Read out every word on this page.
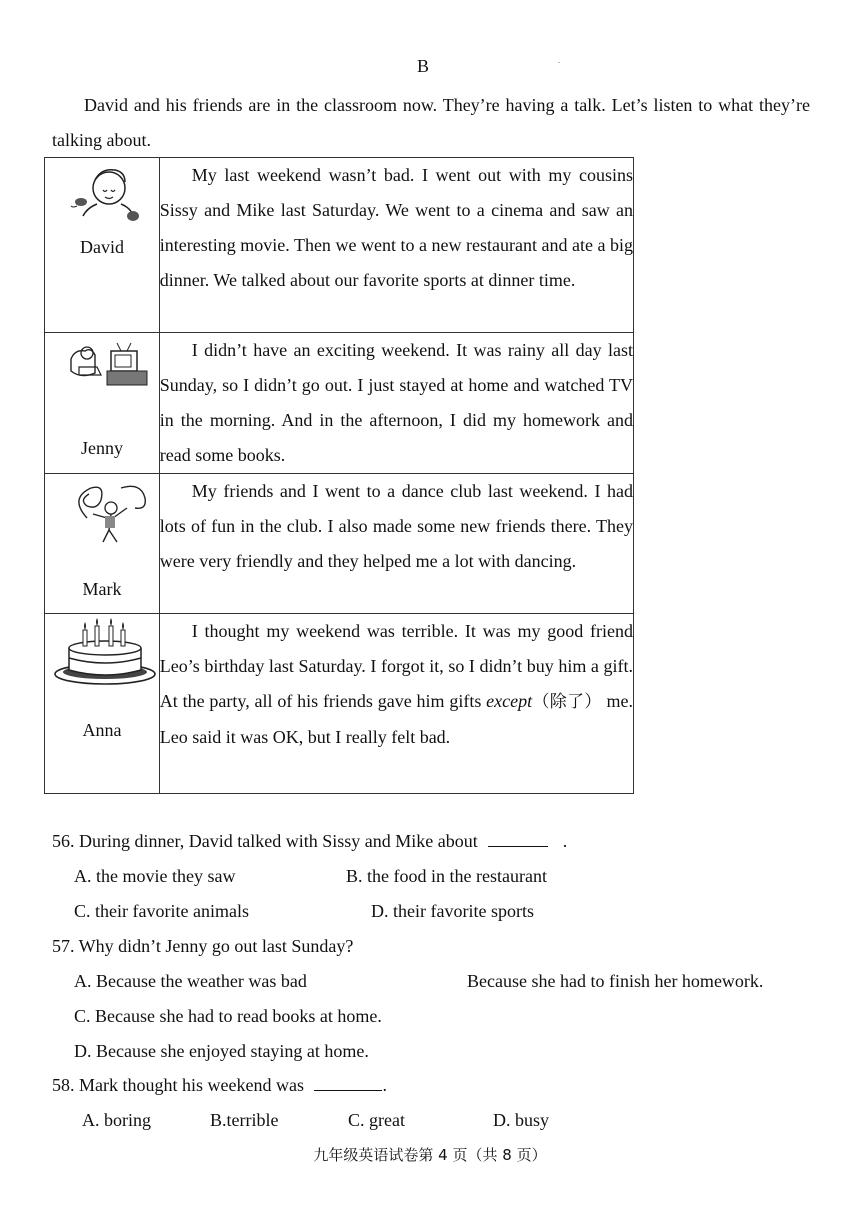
B
David and his friends are in the classroom now. They’re having a talk. Let’s listen to what they’re talking about.
David	My last weekend wasn’t bad. I went out with my cousins Sissy and Mike last Saturday. We went to a cinema and saw an interesting movie. Then we went to a new restaurant and ate a big dinner. We talked about our favorite sports at dinner time.

Jenny	I didn’t have an exciting weekend. It was rainy all day last Sunday, so I didn’t go out. I just stayed at home and watched TV in the morning. And in the afternoon, I did my homework and read some books.

Mark	My friends and I went to a dance club last weekend. I had lots of fun in the club. I also made some new friends there. They were very friendly and they helped me a lot with dancing.

Anna	I thought my weekend was terrible. It was my good friend Leo’s birthday last Saturday. I forgot it, so I didn’t buy him a gift. At the party, all of his friends gave him gifts except（除了） me. Leo said it was OK, but I really felt bad.
56. During dinner, David talked with Sissy and Mike about	.
A. the movie they saw	B. the food in the restaurant
C. their favorite animals	D. their favorite sports
57. Why didn’t Jenny go out last Sunday?
A. Because the weather was bad	Because she had to finish her homework.
C. Because she had to read books at home.
D. Because she enjoyed staying at home.
58. Mark thought his weekend was	.
A. boring	B.terrible	C. great	D. busy
九年级英语试卷第 4 页（共 8 页）
